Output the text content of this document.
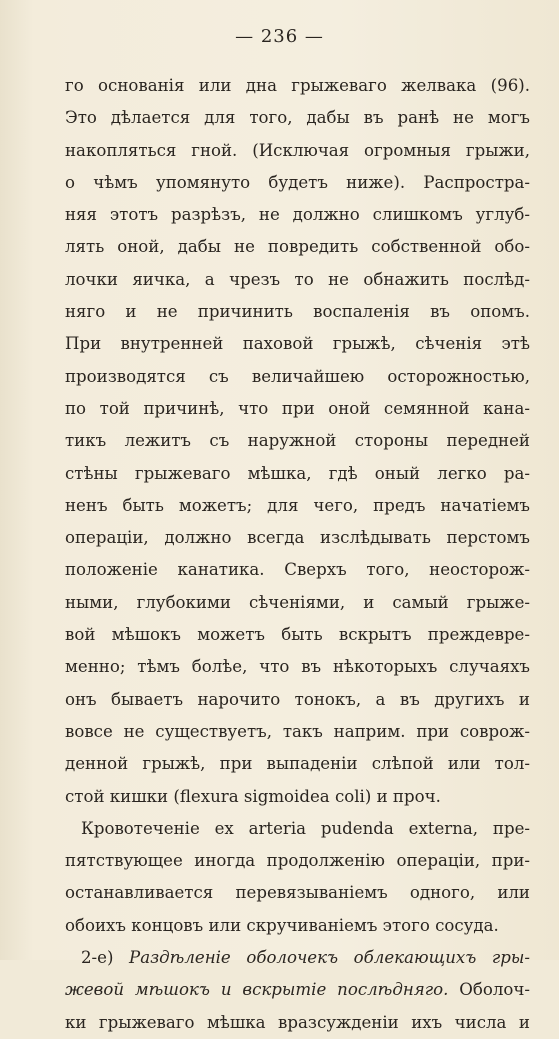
— 236 —
го основанія или дна грыжеваго желвака (96).
Это дѣлается для того, дабы въ ранѣ не могъ
накопляться гной. (Исключая огромныя грыжи,
о чѣмъ упомянуто будетъ ниже). Распростра-
няя этотъ разрѣзъ, не должно слишкомъ углуб-
лять оной, дабы не повредить собственной обо-
лочки яичка, а чрезъ то не обнажить послѣд-
няго и не причинить воспаленія въ опомъ.
При внутренней паховой грыжѣ, сѣченія этѣ
производятся съ величайшею осторожностью,
по той причинѣ, что при оной семянной кана-
тикъ лежитъ съ наружной стороны передней
стѣны грыжеваго мѣшка, гдѣ оный легко ра-
ненъ быть можетъ; для чего, предъ начатіемъ
операціи, должно всегда изслѣдывать перстомъ
положеніе канатика. Сверхъ того, неосторож-
ными, глубокими сѣченіями, и самый грыже-
вой мѣшокъ можетъ быть вскрытъ преждевре-
менно; тѣмъ болѣе, что въ нѣкоторыхъ случаяхъ
онъ бываетъ нарочито тонокъ, а въ другихъ и
вовсе не существуетъ, такъ наприм. при соврож-
денной грыжѣ, при выпаденіи слѣпой или тол-
стой кишки (flexura sigmoidea coli) и проч.
Кровотеченіе ex arteria pudenda externa, пре-
пятствующее иногда продолженію операціи, при-
останавливается перевязываніемъ одного, или
обоихъ концовъ или скручиваніемъ этого сосуда.
2-е) Раздѣленіе оболочекъ облекающихъ гры-
жевой мѣшокъ и вскрытіе послѣдняго. Оболоч-
ки грыжеваго мѣшка вразсужденіи ихъ числа и
